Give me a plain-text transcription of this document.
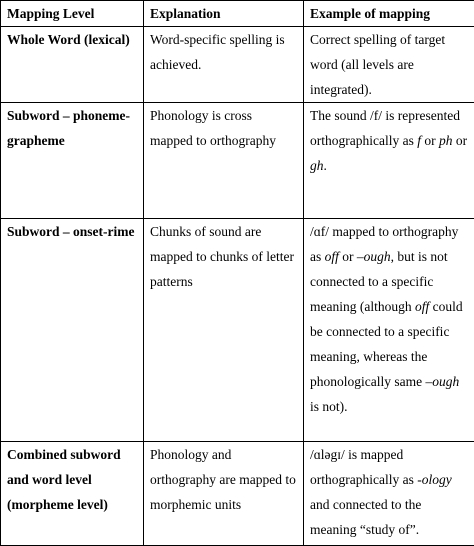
Mapping Level	Explanation	Example of mapping
Whole Word (lexical)	Word-specific spelling is achieved.	Correct spelling of target word (all levels are integrated).
Subword – phoneme-grapheme	Phonology is cross mapped to orthography	The sound /f/ is represented orthographically as f or ph or gh.
Subword – onset-rime	Chunks of sound are mapped to chunks of letter patterns	/ɑf/ mapped to orthography as off or –ough, but is not connected to a specific meaning (although off could be connected to a specific meaning, whereas the phonologically same –ough is not).
Combined subword and word level (morpheme level)	Phonology and orthography are mapped to morphemic units	/ɑləgɪ/ is mapped orthographically as -ology and connected to the meaning “study of”.
